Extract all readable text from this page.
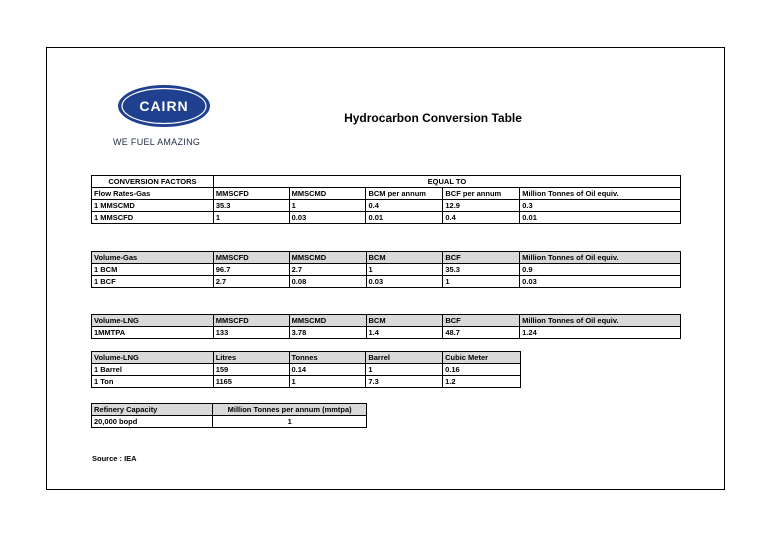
CAIRN
WE FUEL AMAZING
Hydrocarbon Conversion Table
CONVERSION FACTORS	EQUAL TO				
Flow Rates-Gas	MMSCFD	MMSCMD	BCM per annum	BCF per annum	Million Tonnes of Oil equiv.
1 MMSCMD	35.3	1	0.4	12.9	0.3
1 MMSCFD	1	0.03	0.01	0.4	0.01
Volume-Gas	MMSCFD	MMSCMD	BCM	BCF	Million Tonnes of Oil equiv.
1 BCM	96.7	2.7	1	35.3	0.9
1 BCF	2.7	0.08	0.03	1	0.03
Volume-LNG	MMSCFD	MMSCMD	BCM	BCF	Million Tonnes of Oil equiv.
1MMTPA	133	3.78	1.4	48.7	1.24
Volume-LNG	Litres	Tonnes	Barrel	Cubic Meter
1 Barrel	159	0.14	1	0.16
1 Ton	1165	1	7.3	1.2
Refinery Capacity	Million Tonnes per annum (mmtpa)
20,000 bopd	1
Source : IEA
